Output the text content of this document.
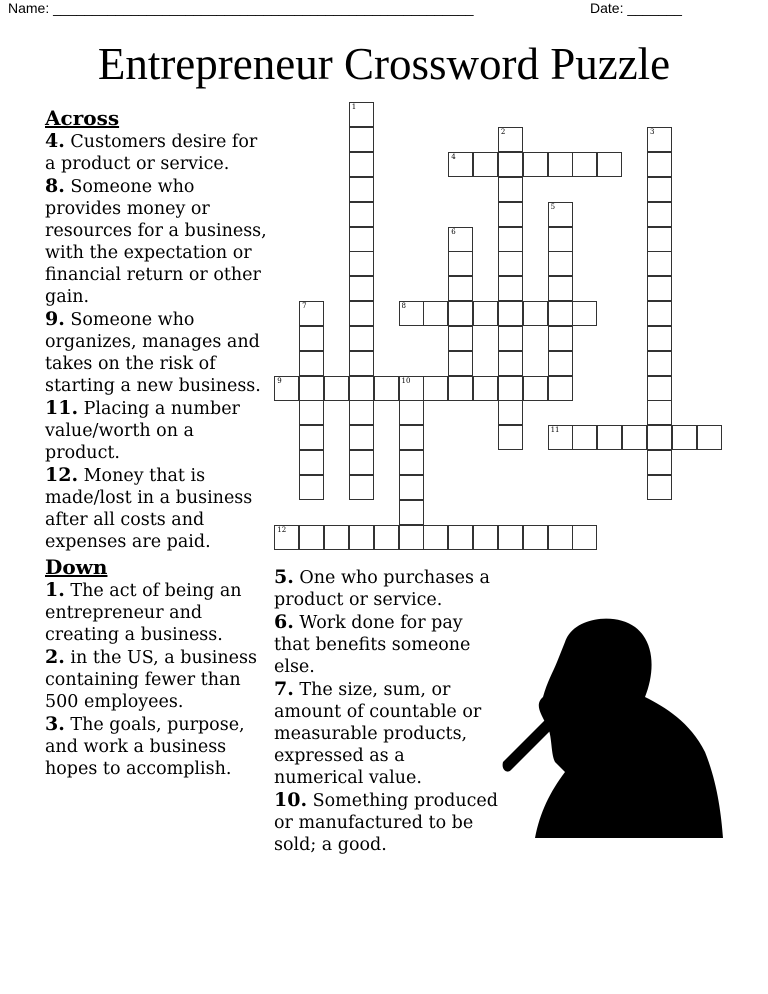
Name: ______________________________________________________	Date: _______
Entrepreneur Crossword Puzzle
Across

4. Customers desire for a product or service.

8. Someone who provides money or resources for a business, with the expectation or financial return or other gain.

9. Someone who organizes, manages and takes on the risk of starting a new business.

11. Placing a number value/worth on a product.

12. Money that is made/lost in a business after all costs and expenses are paid.

Down

1. The act of being an entrepreneur and creating a business.

2. in the US, a business containing fewer than 500 employees.

3. The goals, purpose, and work a business hopes to accomplish.

5. One who purchases a product or service.

6. Work done for pay that benefits someone else.

7. The size, sum, or amount of countable or measurable products, expressed as a numerical value.

10. Something produced or manufactured to be sold; a good.

1
2	3
4
5
6
7	8
9	10
11
12
